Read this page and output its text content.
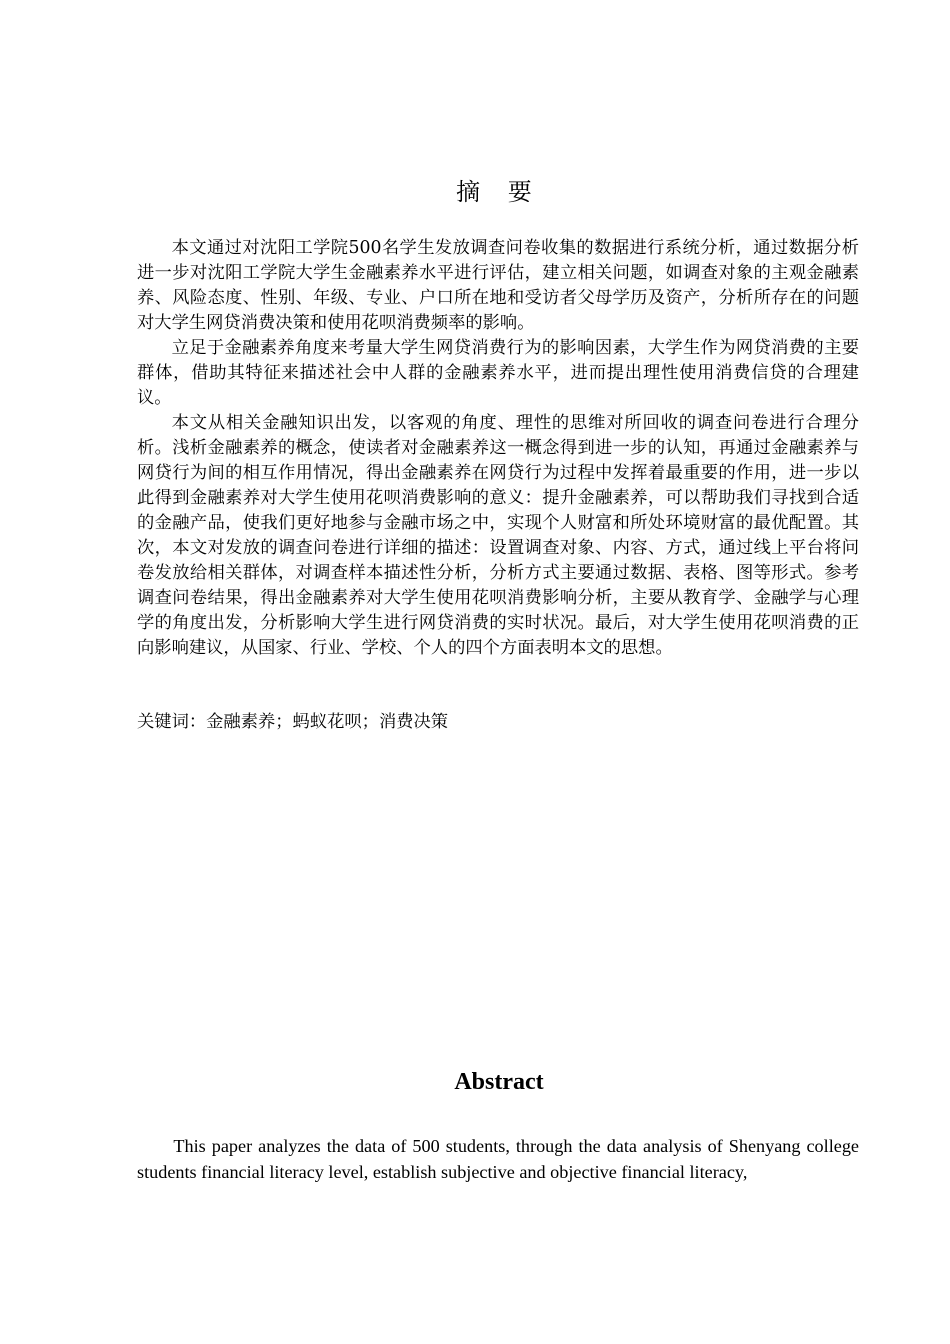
摘 要

本文通过对沈阳工学院500名学生发放调查问卷收集的数据进行系统分析，通过数据分析进一步对沈阳工学院大学生金融素养水平进行评估，建立相关问题，如调查对象的主观金融素养、风险态度、性别、年级、专业、户口所在地和受访者父母学历及资产，分析所存在的问题对大学生网贷消费决策和使用花呗消费频率的影响。

立足于金融素养角度来考量大学生网贷消费行为的影响因素，大学生作为网贷消费的主要群体，借助其特征来描述社会中人群的金融素养水平，进而提出理性使用消费信贷的合理建议。

本文从相关金融知识出发，以客观的角度、理性的思维对所回收的调查问卷进行合理分析。浅析金融素养的概念，使读者对金融素养这一概念得到进一步的认知，再通过金融素养与网贷行为间的相互作用情况，得出金融素养在网贷行为过程中发挥着最重要的作用，进一步以此得到金融素养对大学生使用花呗消费影响的意义：提升金融素养，可以帮助我们寻找到合适的金融产品，使我们更好地参与金融市场之中，实现个人财富和所处环境财富的最优配置。其次，本文对发放的调查问卷进行详细的描述：设置调查对象、内容、方式，通过线上平台将问卷发放给相关群体，对调查样本描述性分析，分析方式主要通过数据、表格、图等形式。参考调查问卷结果，得出金融素养对大学生使用花呗消费影响分析，主要从教育学、金融学与心理学的角度出发，分析影响大学生进行网贷消费的实时状况。最后，对大学生使用花呗消费的正向影响建议，从国家、行业、学校、个人的四个方面表明本文的思想。

关键词：金融素养；蚂蚁花呗；消费决策
Abstract

This paper analyzes the data of 500 students, through the data analysis of Shenyang college students financial literacy level, establish subjective and objective financial literacy,
